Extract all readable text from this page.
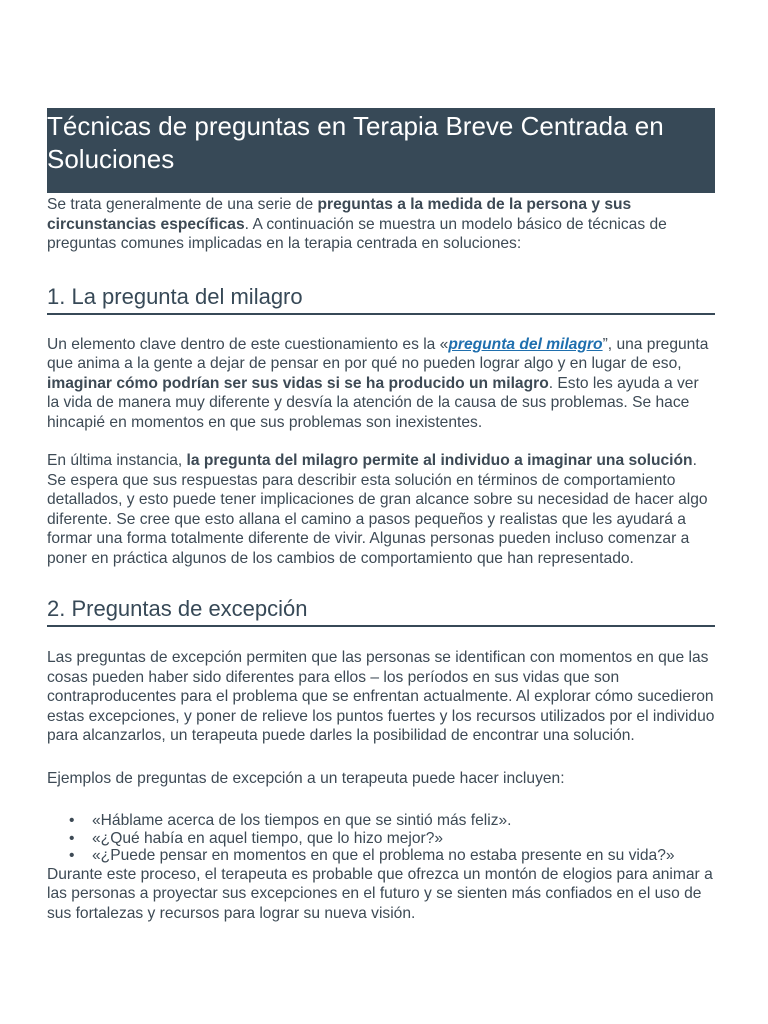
Técnicas de preguntas en Terapia Breve Centrada en Soluciones

Se trata generalmente de una serie de preguntas a la medida de la persona y sus circunstancias específicas. A continuación se muestra un modelo básico de técnicas de preguntas comunes implicadas en la terapia centrada en soluciones:

1. La pregunta del milagro

Un elemento clave dentro de este cuestionamiento es la «pregunta del milagro”, una pregunta que anima a la gente a dejar de pensar en por qué no pueden lograr algo y en lugar de eso, imaginar cómo podrían ser sus vidas si se ha producido un milagro. Esto les ayuda a ver la vida de manera muy diferente y desvía la atención de la causa de sus problemas. Se hace hincapié en momentos en que sus problemas son inexistentes.

En última instancia, la pregunta del milagro permite al individuo a imaginar una solución. Se espera que sus respuestas para describir esta solución en términos de comportamiento detallados, y esto puede tener implicaciones de gran alcance sobre su necesidad de hacer algo diferente. Se cree que esto allana el camino a pasos pequeños y realistas que les ayudará a formar una forma totalmente diferente de vivir. Algunas personas pueden incluso comenzar a poner en práctica algunos de los cambios de comportamiento que han representado.

2. Preguntas de excepción

Las preguntas de excepción permiten que las personas se identifican con momentos en que las cosas pueden haber sido diferentes para ellos – los períodos en sus vidas que son contraproducentes para el problema que se enfrentan actualmente. Al explorar cómo sucedieron estas excepciones, y poner de relieve los puntos fuertes y los recursos utilizados por el individuo para alcanzarlos, un terapeuta puede darles la posibilidad de encontrar una solución.

Ejemplos de preguntas de excepción a un terapeuta puede hacer incluyen:

• «Háblame acerca de los tiempos en que se sintió más feliz».
• «¿Qué había en aquel tiempo, que lo hizo mejor?»
• «¿Puede pensar en momentos en que el problema no estaba presente en su vida?»

Durante este proceso, el terapeuta es probable que ofrezca un montón de elogios para animar a las personas a proyectar sus excepciones en el futuro y se sienten más confiados en el uso de sus fortalezas y recursos para lograr su nueva visión.
